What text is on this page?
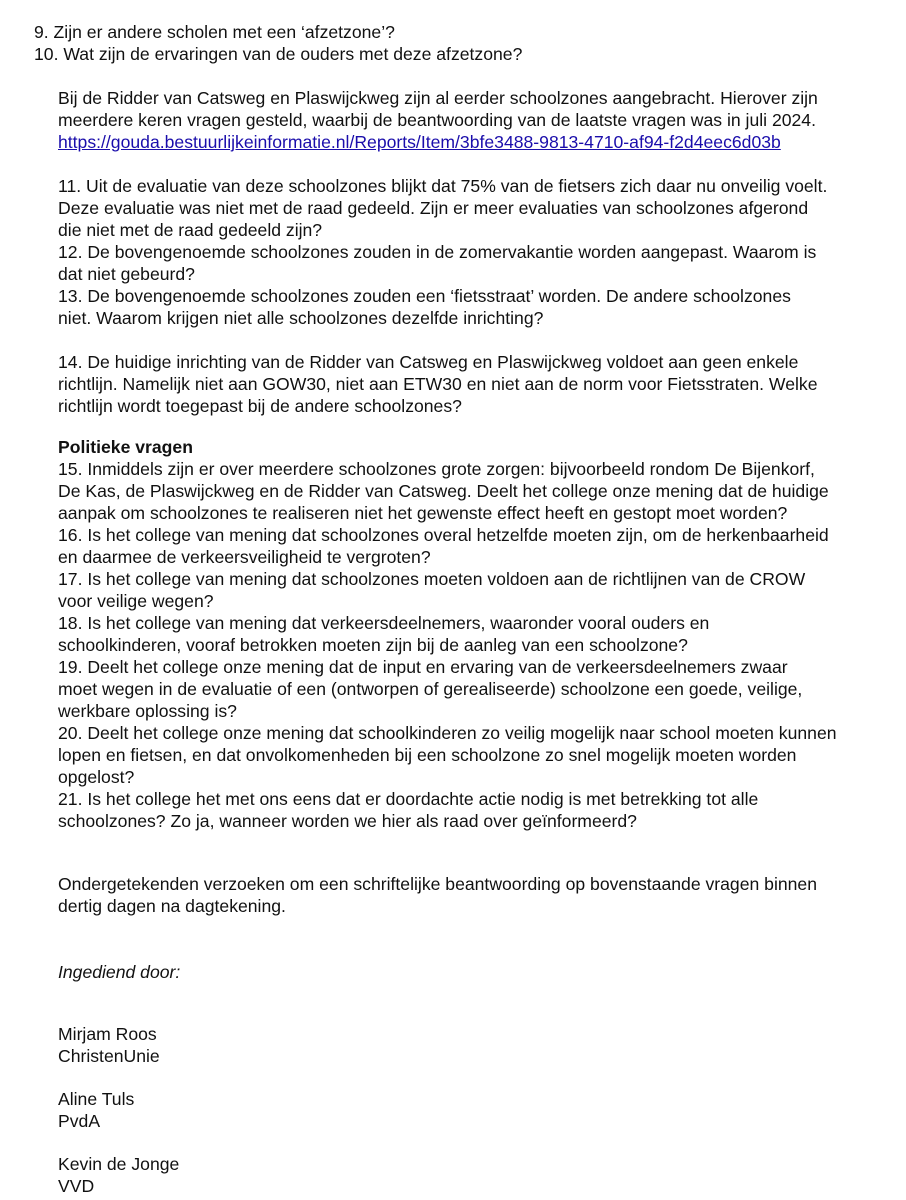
9. Zijn er andere scholen met een ‘afzetzone’?

10. Wat zijn de ervaringen van de ouders met deze afzetzone?

Bij de Ridder van Catsweg en Plaswijckweg zijn al eerder schoolzones aangebracht. Hierover zijn

meerdere keren vragen gesteld, waarbij de beantwoording van de laatste vragen was in juli 2024.

https://gouda.bestuurlijkeinformatie.nl/Reports/Item/3bfe3488-9813-4710-af94-f2d4eec6d03b

11. Uit de evaluatie van deze schoolzones blijkt dat 75% van de fietsers zich daar nu onveilig voelt.

Deze evaluatie was niet met de raad gedeeld. Zijn er meer evaluaties van schoolzones afgerond

die niet met de raad gedeeld zijn?

12. De bovengenoemde schoolzones zouden in de zomervakantie worden aangepast. Waarom is

dat niet gebeurd?

13. De bovengenoemde schoolzones zouden een ‘fietsstraat’ worden. De andere schoolzones

niet. Waarom krijgen niet alle schoolzones dezelfde inrichting?

14. De huidige inrichting van de Ridder van Catsweg en Plaswijckweg voldoet aan geen enkele

richtlijn. Namelijk niet aan GOW30, niet aan ETW30 en niet aan de norm voor Fietsstraten. Welke

richtlijn wordt toegepast bij de andere schoolzones?

Politieke vragen

15. Inmiddels zijn er over meerdere schoolzones grote zorgen: bijvoorbeeld rondom De Bijenkorf,

De Kas, de Plaswijckweg en de Ridder van Catsweg. Deelt het college onze mening dat de huidige

aanpak om schoolzones te realiseren niet het gewenste effect heeft en gestopt moet worden?

16. Is het college van mening dat schoolzones overal hetzelfde moeten zijn, om de herkenbaarheid

en daarmee de verkeersveiligheid te vergroten?

17. Is het college van mening dat schoolzones moeten voldoen aan de richtlijnen van de CROW

voor veilige wegen?

18. Is het college van mening dat verkeersdeelnemers, waaronder vooral ouders en

schoolkinderen, vooraf betrokken moeten zijn bij de aanleg van een schoolzone?

19. Deelt het college onze mening dat de input en ervaring van de verkeersdeelnemers zwaar

moet wegen in de evaluatie of een (ontworpen of gerealiseerde) schoolzone een goede, veilige,

werkbare oplossing is?

20. Deelt het college onze mening dat schoolkinderen zo veilig mogelijk naar school moeten kunnen

lopen en fietsen, en dat onvolkomenheden bij een schoolzone zo snel mogelijk moeten worden

opgelost?

21. Is het college het met ons eens dat er doordachte actie nodig is met betrekking tot alle

schoolzones? Zo ja, wanneer worden we hier als raad over geïnformeerd?

Ondergetekenden verzoeken om een schriftelijke beantwoording op bovenstaande vragen binnen

dertig dagen na dagtekening.

Ingediend door:

Mirjam Roos

ChristenUnie

Aline Tuls

PvdA

Kevin de Jonge

VVD
